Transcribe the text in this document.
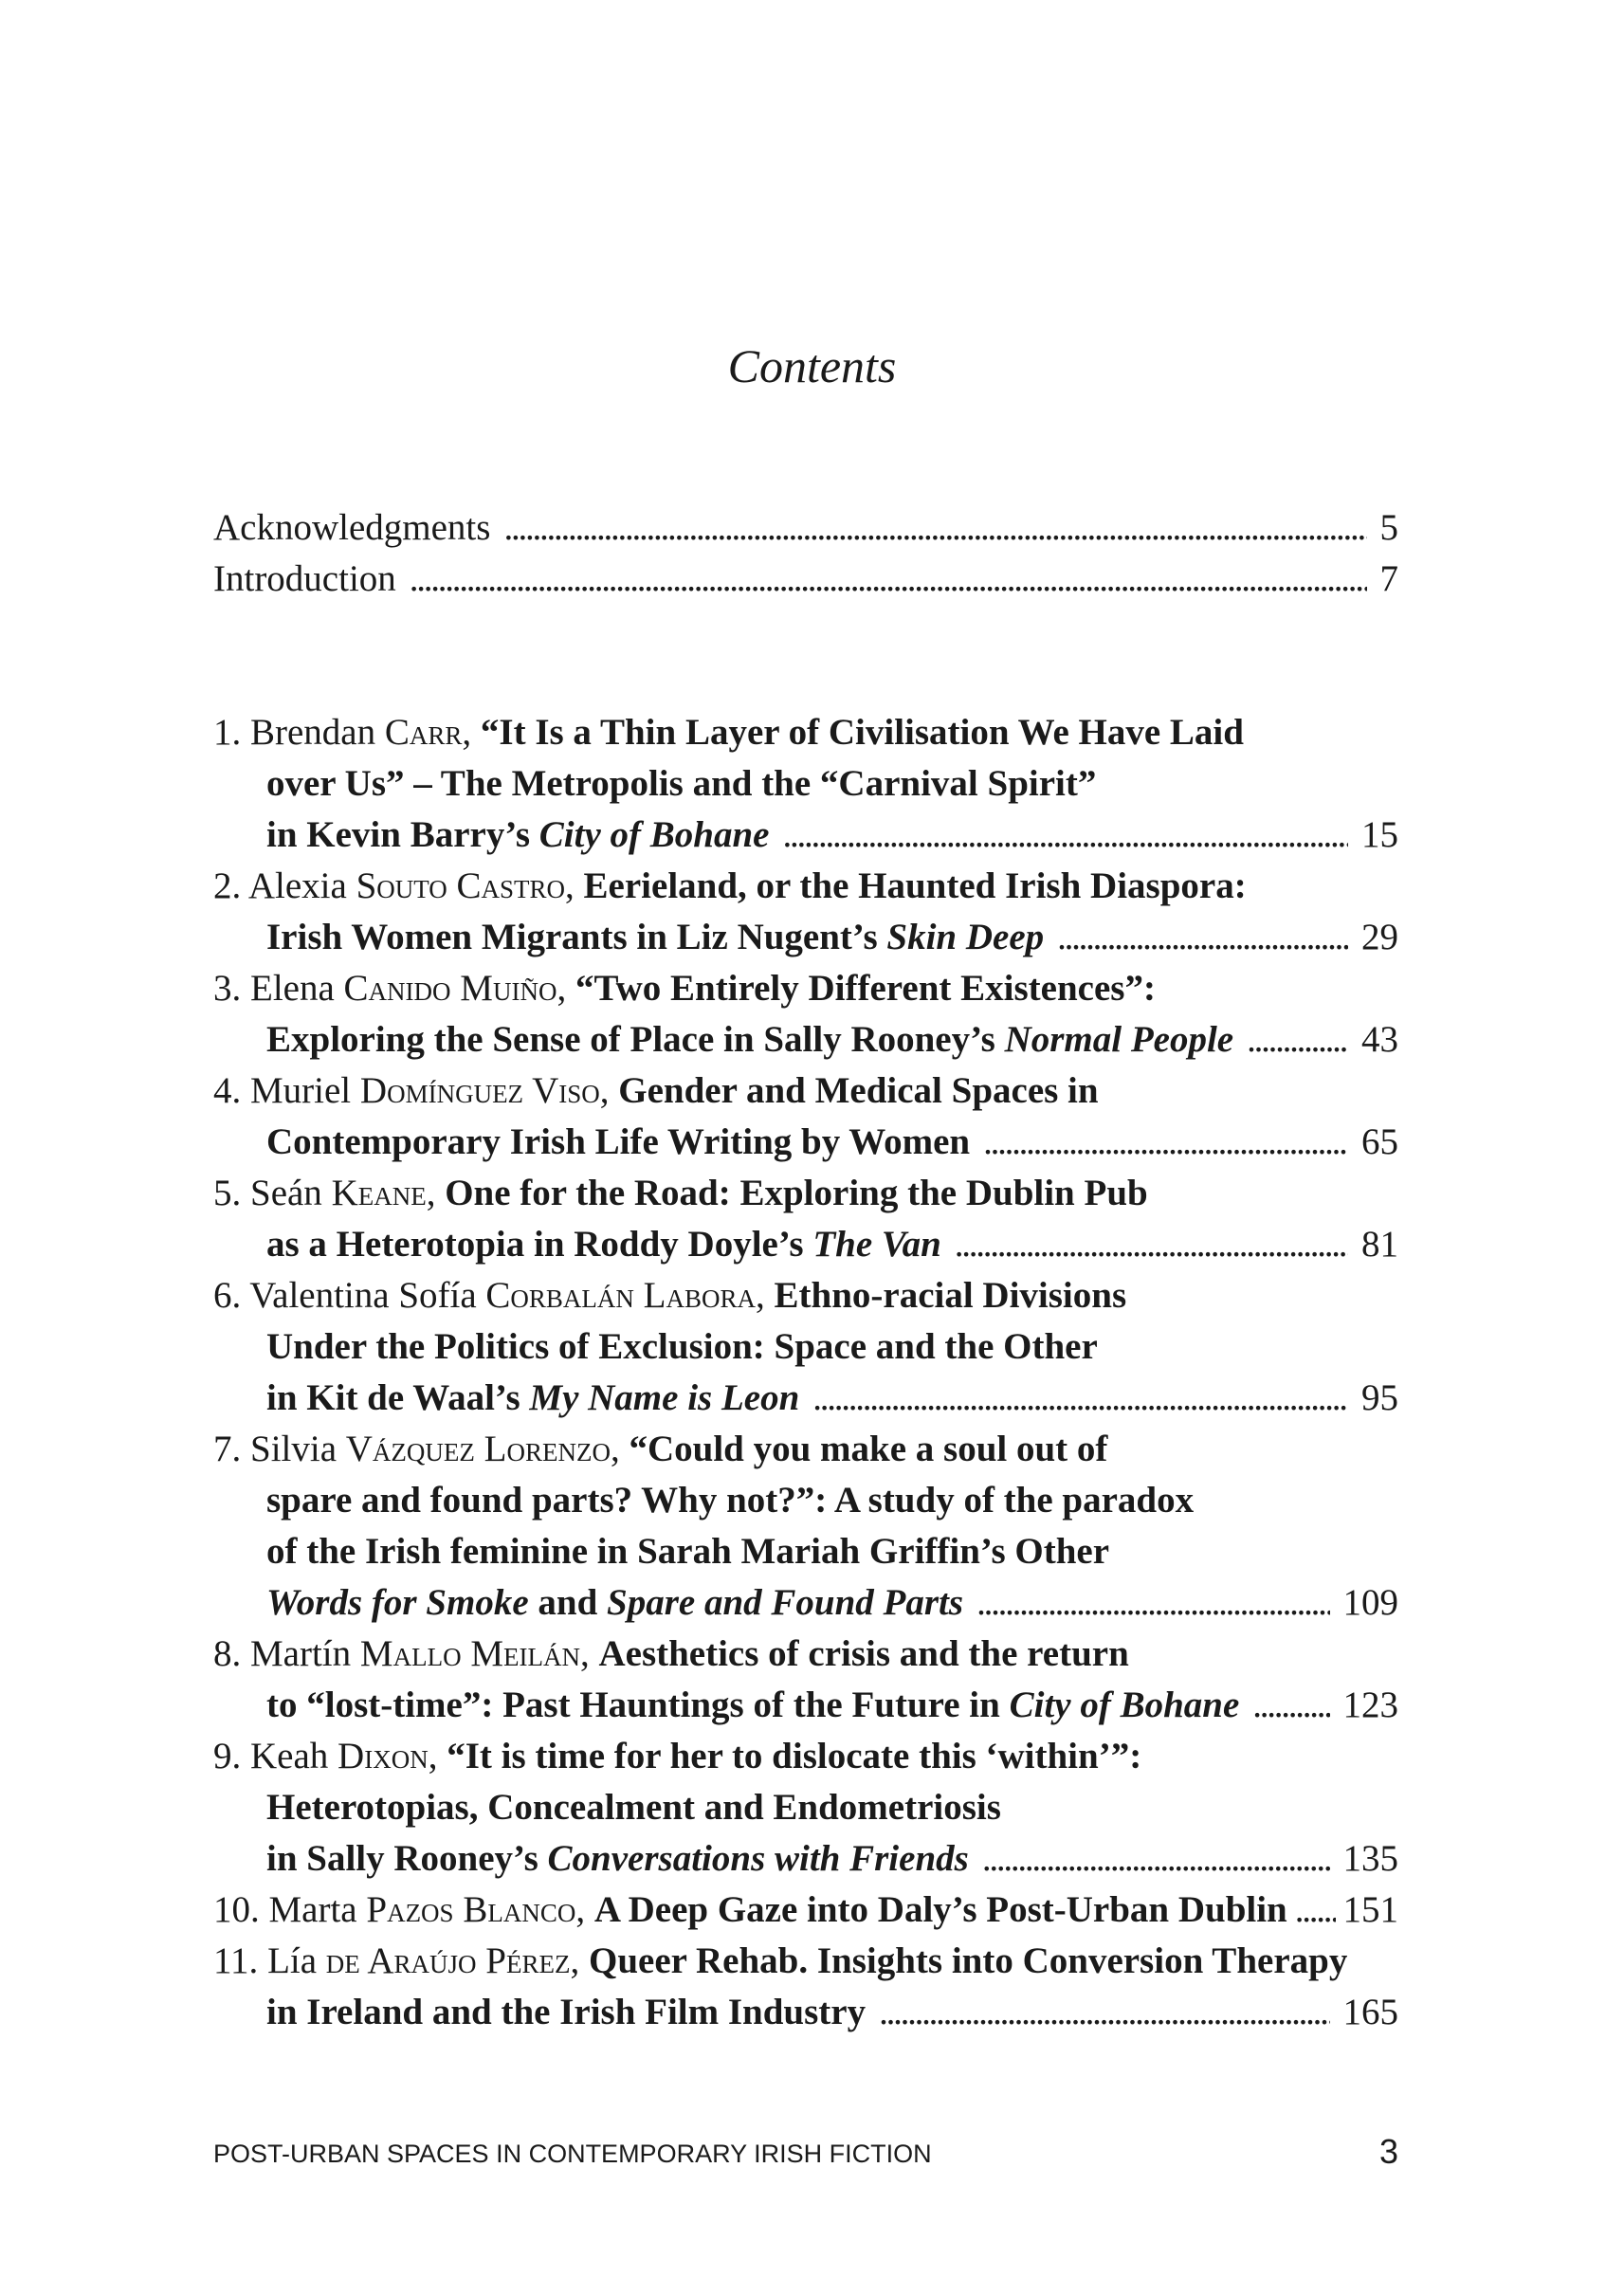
Contents
Acknowledgments . . .	5
Introduction . . .	7
1. Brendan Carr, “It Is a Thin Layer of Civilisation We Have Laid
over Us” – The Metropolis and the “Carnival Spirit”
in Kevin Barry’s City of Bohane . . .	15
2. Alexia Souto Castro, Eerieland, or the Haunted Irish Diaspora:
Irish Women Migrants in Liz Nugent’s Skin Deep . . .	29
3. Elena Canido Muiño, “Two Entirely Different Existences”:
Exploring the Sense of Place in Sally Rooney’s Normal People . . .	43
4. Muriel Domínguez Viso, Gender and Medical Spaces in
Contemporary Irish Life Writing by Women . . .	65
5. Seán Keane, One for the Road: Exploring the Dublin Pub
as a Heterotopia in Roddy Doyle’s The Van . . .	81
6. Valentina Sofía Corbalán Labora, Ethno-racial Divisions
Under the Politics of Exclusion: Space and the Other
in Kit de Waal’s My Name is Leon . . .	95
7. Silvia Vázquez Lorenzo, “Could you make a soul out of
spare and found parts? Why not?”: A study of the paradox
of the Irish feminine in Sarah Mariah Griffin’s Other
Words for Smoke and Spare and Found Parts . . .	109
8. Martín Mallo Meilán, Aesthetics of crisis and the return
to “lost-time”: Past Hauntings of the Future in City of Bohane . . .	123
9. Keah Dixon, “It is time for her to dislocate this ‘within’”:
Heterotopias, Concealment and Endometriosis
in Sally Rooney’s Conversations with Friends . . .	135
10. Marta Pazos Blanco, A Deep Gaze into Daly’s Post-Urban Dublin . . . 151
11. Lía de Araújo Pérez, Queer Rehab. Insights into Conversion Therapy
in Ireland and the Irish Film Industry . . .	165
POST-URBAN SPACES IN CONTEMPORARY IRISH FICTION	3
